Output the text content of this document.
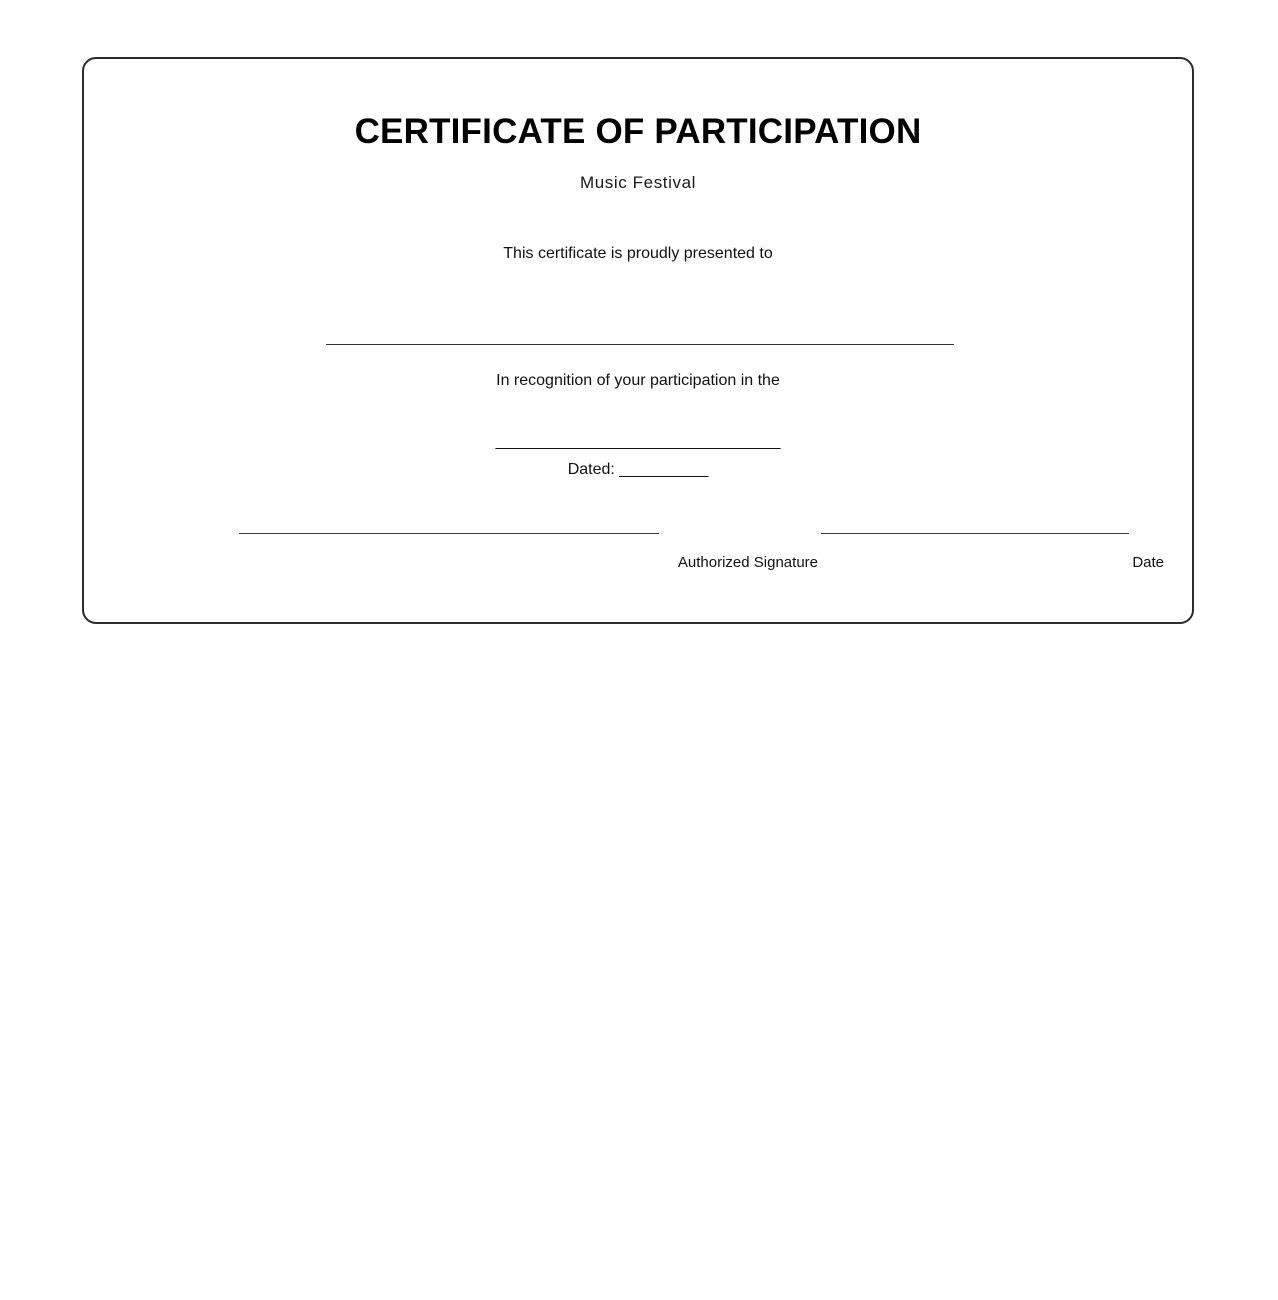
CERTIFICATE OF PARTICIPATION
Music Festival
This certificate is proudly presented to
In recognition of your participation in the
________________________________
Dated: __________
Authorized Signature	Date
